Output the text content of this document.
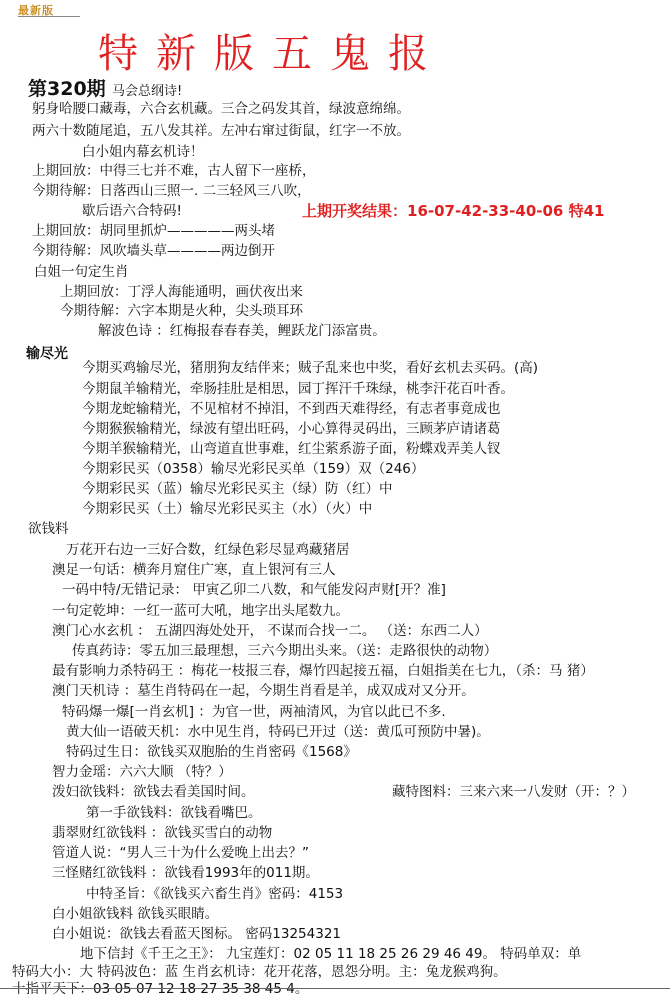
最新版
特新版五鬼报
第320期 马会总纲诗!
躬身哈腰口藏毒，六合玄机藏。三合之码发其首，绿波意绵绵。
两六十数随尾追，五八发其祥。左冲右窜过街鼠，红字一不放。
白小姐内幕玄机诗！
上期回放：中得三七并不难，古人留下一座桥，
今期待解：日落西山三照一. 二三轻风三八吹，
歇后语六合特码!	上期开奖结果：16-07-42-33-40-06 特41
上期回放：胡同里抓炉—————两头堵
今期待解：风吹墙头草————两边倒开
白姐一句定生肖
上期回放：丁浮人海能通明，画伏夜出来
今期待解：六字本期是火种，尖头琐耳环
解波色诗 ：红梅报春春春美，鲤跃龙门添富贵。
输尽光
今期买鸡输尽光，猪朋狗友结伴来；贼子乱来也中奖，看好玄机去买码。(高)
今期鼠羊输精光，牵肠挂肚是相思，园丁挥汗千珠绿，桃李汗花百叶香。
今期龙蛇输精光，不见棺材不掉泪，不到西天难得经，有志者事竟成也
今期猴猴输精光，绿波有望出旺码，小心算得灵码出，三顾茅庐请诸葛
今期羊猴输精光，山弯道直世事难，红尘萦系游子面，粉蝶戏弄美人钗
今期彩民买（0358）输尽光彩民买单（159）双（246）
今期彩民买（蓝）输尽光彩民买主（绿）防（红）中
今期彩民买（土）输尽光彩民买主（水）（火）中
欲钱料
万花开右边一三好合数，红绿色彩尽显鸡藏猪居
澳足一句话：横奔月窟住广寒，直上银河有三人
一码中特/无错记录： 甲寅乙卯二八数，和气能发闷声财[开？准]
一句定乾坤：一红一蓝可大吼，地字出头尾数九。
澳门心水玄机 ： 五湖四海处处开， 不谋而合找一二。 （送：东西二人）
传真药诗：零五加三最理想，三六今期出头来。（送：走路很快的动物）
最有影响力杀特码王 ：梅花一枝报三春，爆竹四起接五福，白姐指美在七九，（杀：马 猪）
澳门天机诗 ：墓生肖特码在一起，今期生肖看是羊，成双成对又分开。
特码爆一爆[一肖玄机] ：为官一世，两袖清风，为官以此已不多.
黄大仙一语破天机：水中见生肖，特码已开过（送：黄瓜可预防中暑)。
特码过生日：欲钱买双胞胎的生肖密码《1568》
智力金瑶：六六大顺 （特？）
泼妇欲钱料：欲钱去看美国时间。	藏特图料：三来六来一八发财（开：？）
第一手欲钱料：欲钱看嘴巴。
翡翠财红欲钱料 ：欲钱买雪白的动物
管道人说：“男人三十为什么爱晚上出去？”
三怪赌红欲钱料 ：欲钱看1993年的011期。
中特圣旨：《欲钱买六畜生肖》密码：4153
白小姐欲钱料 欲钱买眼睛。
白小姐说：欲钱去看蓝天图标。 密码13254321
地下信封《千王之王》： 九宝莲灯：02 05 11 18 25 26 29 46 49。 特码单双：单
特码大小：大 特码波色：蓝 生肖玄机诗：花开花落，恩怨分明。主：兔龙猴鸡狗。
十指平天下：03 05 07 12 18 27 35 38 45 4。
